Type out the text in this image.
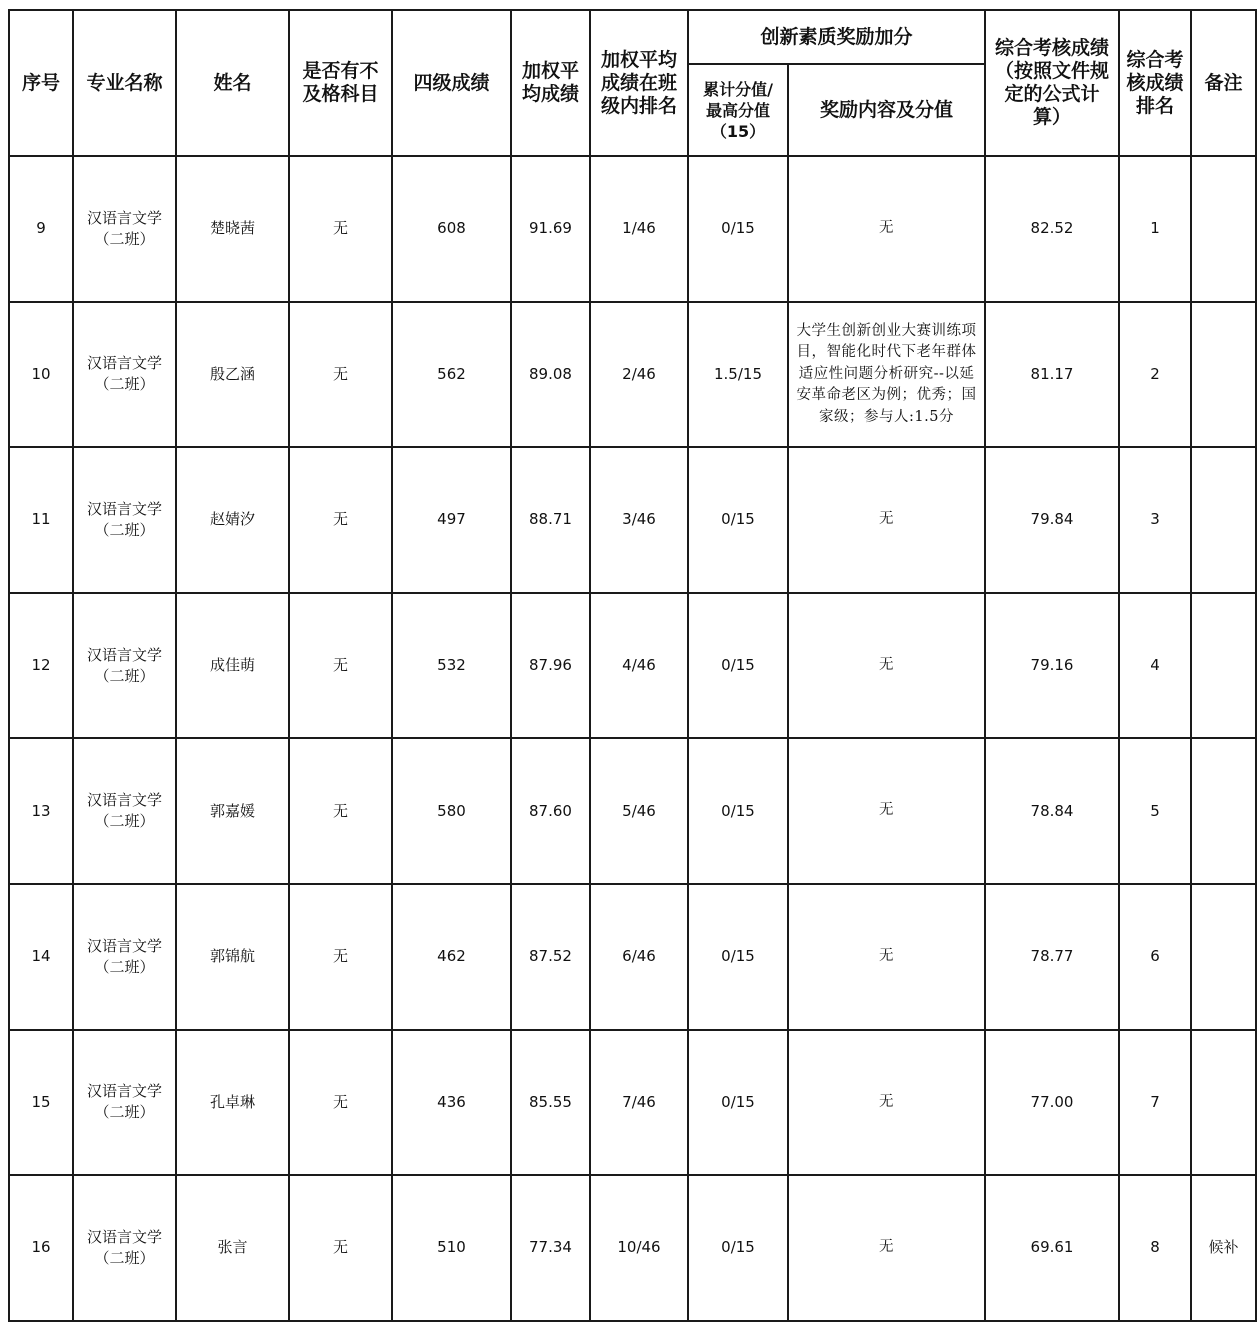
序号	专业名称	姓名	是否有不
及格科目	四级成绩	加权平
均成绩	加权平均
成绩在班
级内排名	创新素质奖励加分		综合考核成绩
（按照文件规
定的公式计
算）	综合考
核成绩
排名	备注
							累计分值/
最高分值
（15）	奖励内容及分值			
9	汉语言文学
（二班）	楚晓茜	无	608	91.69	1/46	0/15	无	82.52	1	
10	汉语言文学
（二班）	殷乙涵	无	562	89.08	2/46	1.5/15	大学生创新创业大赛训练项目，智能化时代下老年群体适应性问题分析研究--以延安革命老区为例；优秀；国家级；参与人:1.5分	81.17	2	
11	汉语言文学
（二班）	赵婧汐	无	497	88.71	3/46	0/15	无	79.84	3	
12	汉语言文学
（二班）	成佳萌	无	532	87.96	4/46	0/15	无	79.16	4	
13	汉语言文学
（二班）	郭嘉媛	无	580	87.60	5/46	0/15	无	78.84	5	
14	汉语言文学
（二班）	郭锦航	无	462	87.52	6/46	0/15	无	78.77	6	
15	汉语言文学
（二班）	孔卓琳	无	436	85.55	7/46	0/15	无	77.00	7	
16	汉语言文学
（二班）	张言	无	510	77.34	10/46	0/15	无	69.61	8	候补
